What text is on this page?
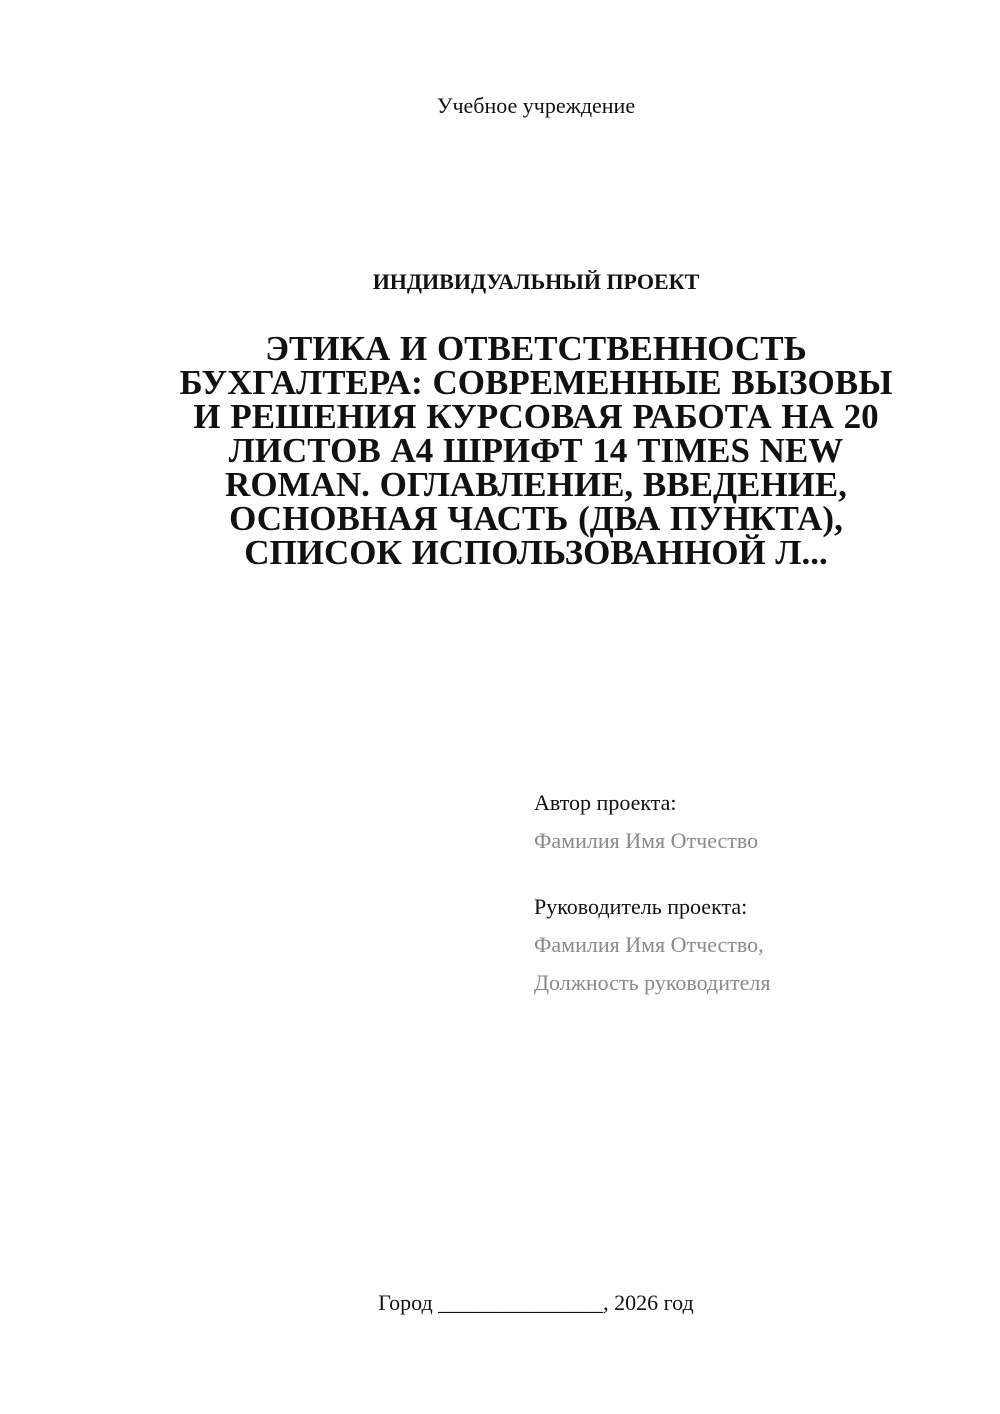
Учебное учреждение
ИНДИВИДУАЛЬНЫЙ ПРОЕКТ
ЭТИКА И ОТВЕТСТВЕННОСТЬ БУХГАЛТЕРА: СОВРЕМЕННЫЕ ВЫЗОВЫ И РЕШЕНИЯ КУРСОВАЯ РАБОТА НА 20 ЛИСТОВ А4 ШРИФТ 14 TIMES NEW ROMAN. ОГЛАВЛЕНИЕ, ВВЕДЕНИЕ, ОСНОВНАЯ ЧАСТЬ (ДВА ПУНКТА), СПИСОК ИСПОЛЬЗОВАННОЙ Л...
Автор проекта:
Фамилия Имя Отчество
Руководитель проекта:
Фамилия Имя Отчество,
Должность руководителя
Город _______________, 2026 год
